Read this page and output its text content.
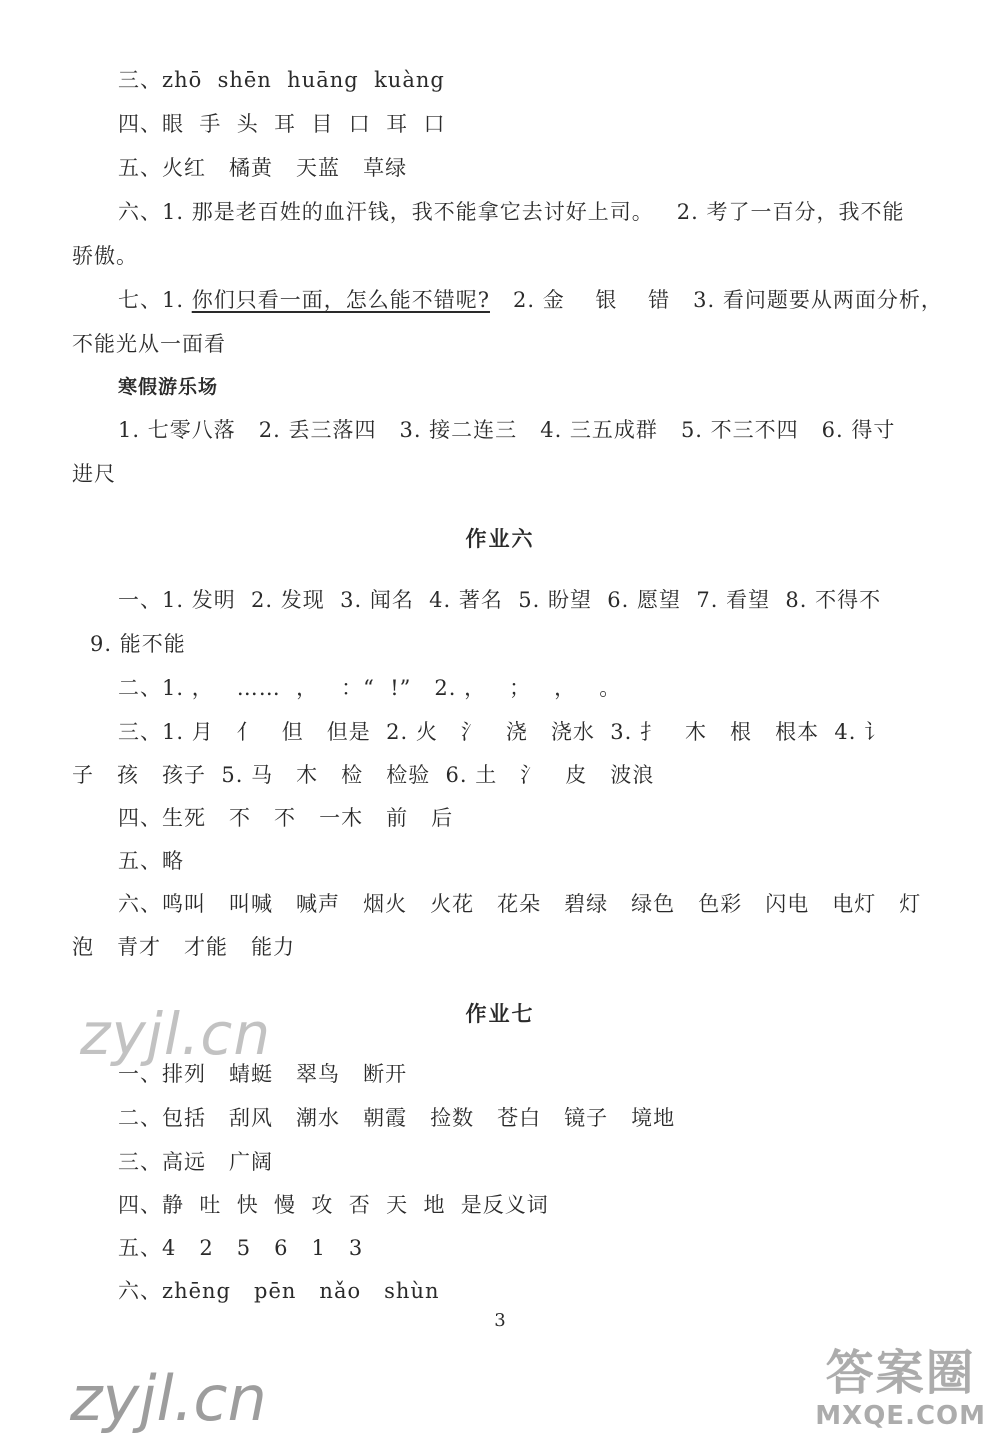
三、zhō  shēn  huāng  kuàng
四、眼  手  头  耳  目  口  耳  口
五、火红   橘黄   天蓝   草绿
六、1. 那是老百姓的血汗钱，我不能拿它去讨好上司。   2. 考了一百分，我不能
骄傲。
七、1. 你们只看一面，怎么能不错呢?   2. 金    银    错   3. 看问题要从两面分析，
不能光从一面看
寒假游乐场
1. 七零八落   2. 丢三落四   3. 接二连三   4. 三五成群   5. 不三不四   6. 得寸
进尺
作业六
一、1. 发明  2. 发现  3. 闻名  4. 著名  5. 盼望  6. 愿望  7. 看望  8. 不得不
9. 能不能
二、1. ，   ……  ，   ：“  !”   2. ，   ；   ，   。
三、1. 月   亻   但   但是  2. 火   氵   浇   浇水  3. 扌   木   根   根本  4. 讠
子   孩   孩子  5. 马   木   检   检验  6. 土   氵   皮   波浪
四、生死   不   不   一木   前   后
五、略
六、鸣叫   叫喊   喊声   烟火   火花   花朵   碧绿   绿色   色彩   闪电   电灯   灯
泡   青才   才能   能力
作业七
一、排列   蜻蜓   翠鸟   断开
二、包括   刮风   潮水   朝霞   捡数   苍白   镜子   境地
三、高远   广阔
四、静  吐  快  慢  攻  否  天  地  是反义词
五、4   2   5   6   1   3
六、zhēng   pēn   nǎo   shùn
3
zyjl.cn
zyjl.cn	答案圈
MXQE.COM
